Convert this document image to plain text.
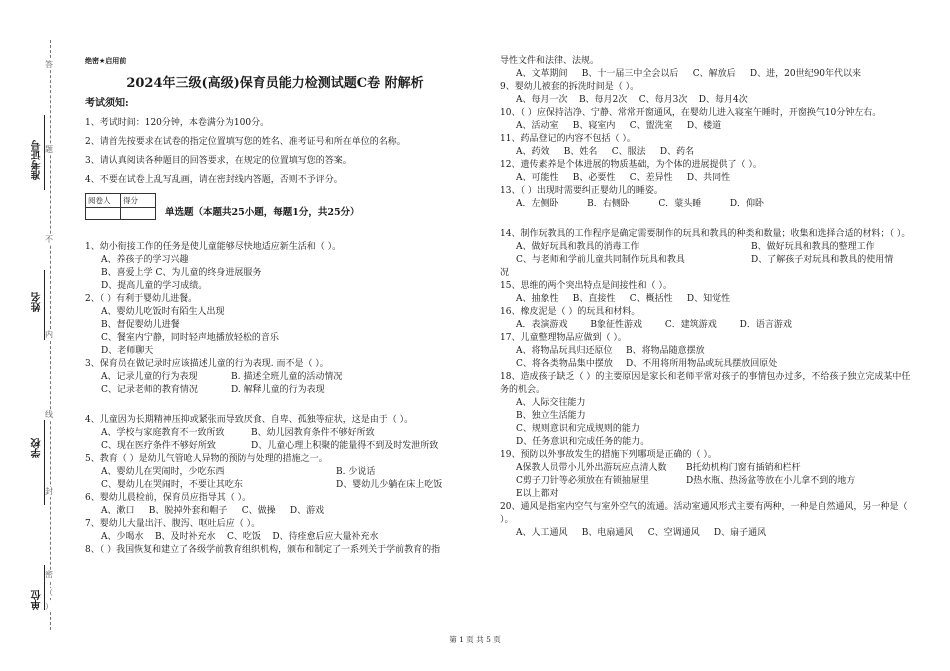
准考证号
姓名
学校
单位
答
题
不
内
线
封
密
（
）
绝密★启用前
2024年三级(高级)保育员能力检测试题C卷 附解析
考试须知:
1、考试时间：120分钟，本卷满分为100分。
2、请首先按要求在试卷的指定位置填写您的姓名、准考证号和所在单位的名称。
3、请认真阅读各种题目的回答要求，在规定的位置填写您的答案。
4、不要在试卷上乱写乱画，请在密封线内答题，否则不予评分。
阅卷人	得分

单选题（本题共25小题，每题1分，共25分）
1、幼小衔接工作的任务是使儿童能够尽快地适应新生活和（ ）。
A、养孩子的学习兴趣
B、喜爱上学 C、为儿童的终身进展服务
D、提高儿童的学习成绩。
2、（ ）有利于婴幼儿进餐。
A、婴幼儿吃饭时有陌生人出现
B、督促婴幼儿进餐
C、餐室内宁静，同时轻声地播放轻松的音乐
D、老师聊天
3、保育员在做记录时应该描述儿童的行为表现. 而不是（ ）。
A、记录儿童的行为表现	B. 描述全班儿童的活动情况
C、记录老师的教育情况	D. 解释儿童的行为表现
4、儿童因为长期精神压抑或紧张而导致厌食、自卑、孤独等症状，这是由于（ ）。
A、学校与家庭教育不一致所致	B、幼儿园教育条件不够好所致
C、现在医疗条件不够好所致	D、儿童心理上积聚的能量得不到及时发泄所致
5、教育（ ）是幼儿气管呛人异物的预防与处理的措施之一。
A、婴幼儿在哭闹时，少吃东西	B. 少说话
C、婴幼儿在哭闹时，不要让其吃东	D、婴幼儿少躺在床上吃饭
6、婴幼儿晨检前，保育员应指导其（ ）。
A、漱口     B、脱掉外套和帽子     C、做操     D、游戏
7、婴幼儿大量出汗、腹泻、呕吐后应（ ）。
A、少喝水    B、及时补充水    C、吃饭    D、待痊愈后应大量补充水
8、（ ）我国恢复和建立了各级学前教育组织机构，颁布和制定了一系列关于学前教育的指
导性文件和法律、法规。
A、文革期间     B、十一届三中全会以后     C、解放后     D、进，20世纪90年代以来
9、婴幼儿被套的拆洗时间是（ ）。
A、每月一次    B、每月2次    C、每月3次    D、每月4次
10、（ ）应保持洁净、宁静、常常开窗通风，在婴幼儿进入寝室午睡时，开窗换气10分钟左右。
A、活动室     B、寝室内     C、盥洗室     D、楼道
11、药品登记的内容不包括（ ）。
A、药效     B、姓名     C、服法     D、药名
12、遗传素养是个体进展的物质基础，为个体的进展提供了（ ）。
A、可能性     B、必要性     C、差异性     D、共同性
13、（ ）出现时需要纠正婴幼儿的睡姿。
A．左侧卧          B．右侧卧          C．蒙头睡          D．仰卧
14、制作玩教具的工作程序是确定需要制作的玩具和教具的种类和数量；收集和选择合适的材料；（ ）。
A、做好玩具和教具的消毒工作	B、做好玩具和教具的整理工作
C、与老师和学前儿童共同制作玩具和教具	D、了解孩子对玩具和教具的使用情
况
15、思维的两个突出特点是间接性和（ ）。
A、抽象性     B、直接性     C、概括性     D、知觉性
16、橡皮泥是（ ）的玩具和材料。
A．表演游戏        B象征性游戏        C．建筑游戏        D．语言游戏
17、儿童整理物品应做到（ ）。
A、将物品玩具归还原位	B、将物品随意摆放
C、将各类物品集中摆放	D、不用将所用物品或玩具摆放回原处
18、造成孩子缺乏（ ）的主要原因是家长和老师平常对孩子的事情包办过多，不给孩子独立完成某中任务的机会。
A、人际交往能力
B、独立生活能力
C、规则意识和完成规则的能力
D、任务意识和完成任务的能力。
19、预防以外事故发生的措施下列哪项是正确的（ ）。
A保教人员带小儿外出游玩应点清人数	B托幼机构门窗有插销和栏杆
C剪子刀针等必须放在有锁抽屉里	D热水瓶、热汤盆等放在小儿拿不到的地方
E以上都对
20、通风是指室内空气与室外空气的流通。活动室通风形式主要有两种，一种是自然通风，另一种是（ ）。
A、人工通风     B、电扇通风     C、空调通风     D、扇子通风
第 1 页 共 5 页
